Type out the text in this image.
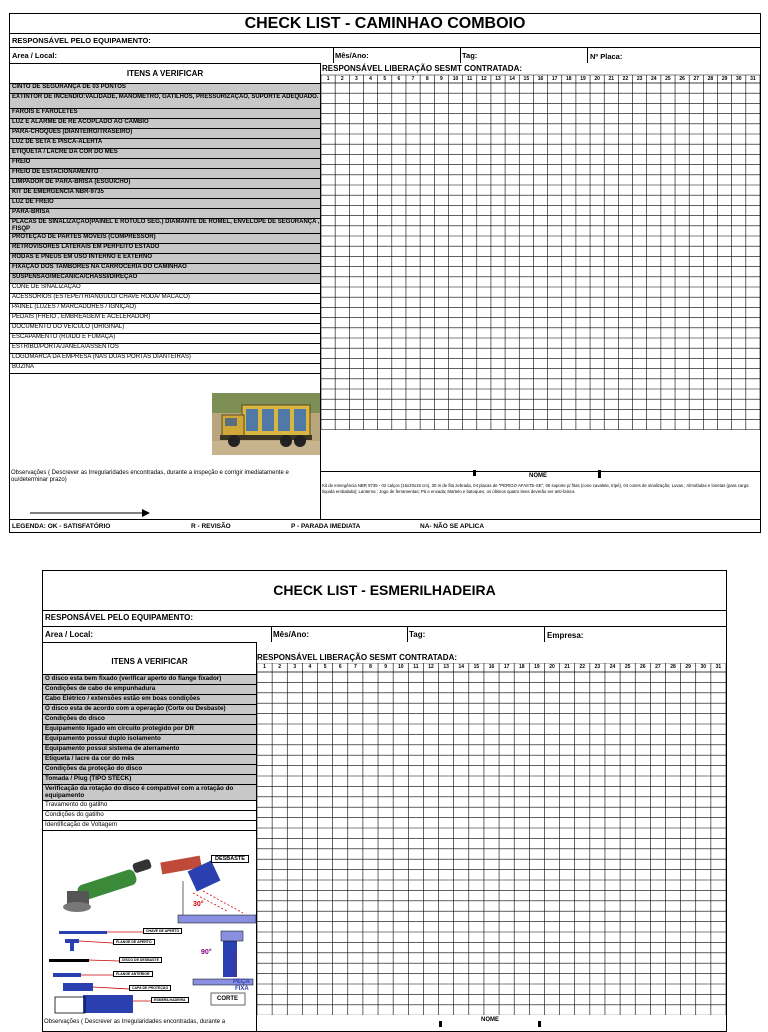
CHECK LIST - CAMINHAO COMBOIO
RESPONSÁVEL PELO EQUIPAMENTO:
Area / Local:	Mês/Ano:	Tag:	Nº Placa:
ITENS A VERIFICAR
RESPONSÁVEL LIBERAÇÃO SESMT CONTRATADA:
CINTO DE SEGURANÇA DE 03 PONTOS
EXTINTOR DE INCÊNDIO:VALIDADE, MANÔMETRO, GATILHOS, PRESSURIZAÇÃO, SUPORTE ADEQUADO.
FARÓIS E FAROLETES
LUZ E ALARME DE RÉ ACOPLADO AO CAMBIO
PARA-CHOQUES (DIANTEIRO/TRASEIRO)
LUZ DE SETA E PISCA-ALERTA
ETIQUETA / LACRE DA COR DO MÊS
FREIO
FREIO DE ESTACIONAMENTO
LIMPADOR DE PÁRA-BRISA (ESGUICHO)
KIT DE EMERGENCIA NBR-9735
LUZ DE FREIO
PÁRA-BRISA
PLACAS DE SINALIZAÇÃO(PAINEL E ROTULO SEG.) DIAMANTE DE ROMEL, ENVELOPE DE SEGURANÇA , FISQP
PROTEÇÃO DE PARTES MÓVEIS (COMPRESSOR)
RETROVISORES LATERAIS EM PERFEITO ESTADO
RODAS E PNEUS EM USO INTERNO E EXTERNO
FIXAÇÃO DOS TAMBORES NA CARROCERIA DO CAMINHÃO
SUSPENSÃO/MECÂNICA/CHASSI/DIREÇÃO
CONE DE SINALIZAÇÃO
ACESSÓRIOS (ESTEPE/TRIÂNGULO/ CHAVE RODA/ MACACO)
PAINEL (LUZES / MARCADORES / IGNIÇÃO)
PEDAIS (FREIO , EMBREAGEM E ACELERADOR)
DOCUMENTO DO VEÍCULO (ORIGINAL)
ESCAPAMENTO (RUÍDO E FUMAÇA)
ESTRIBO/PORTA/JANELA/ASSENTOS
LOGOMARCA DA EMPRESA (NAS DUAS PORTAS DIANTEIRAS)
BUZINA
1	2	3	4	5	6	7	8	9	10	11	12	13	14	15	16	17	18	19	20	21	22	23	24	25	26	27	28	29	30	31
NOME
Observações ( Descrever as Irregularidades encontradas, durante a inspeção e corrigir imediatamente e ou/determinar prazo)
Kit de emergência NBR 9735 - 02 calços (15x20x15 cm), 30 m de fita zebrada, 04 placas de "PERIGO AFASTE-SE", 06 suporte p/ fitas (cone cavalete, tripé), 04 cones de sinalização; Luvas ; Almofadas e lonetas (para carga líquida embalada); Lanterna ; Jogo de ferramentas; Pá e enxada; Martelo e batoques, os últimos quatro itens deverão ser anti-faísca
LEGENDA: OK - SATISFATÓRIO	R - REVISÃO	P - PARADA IMEDIATA	NA- NÃO SE APLICA
CHECK LIST - ESMERILHADEIRA
RESPONSÁVEL PELO EQUIPAMENTO:
Area / Local:	Mês/Ano:	Tag:	Empresa:
ITENS A VERIFICAR	RESPONSÁVEL LIBERAÇÃO SESMT CONTRATADA:
O disco esta bem fixado (verificar aperto do flange fixador)
Condições de cabo de empunhadura
Cabo Elétrico / extensões estão em boas condições
O disco esta de acordo com a operação (Corte ou Desbaste)
Condições do disco
Equipamento ligado em circuito protegido por DR
Equipamento possui duplo isolamento
Equipamento possui sistema de aterramento
Etiqueta / lacre da cor do mês
Condições da proteção do disco
Tomada / Plug (TIPO STECK)
Verificação da rotação do disco é compatível com a rotação do equipamento
Travamento do gatilho
Condições do gatilho
Identificação de Voltagem
1	2	3	4	5	6	7	8	9	10	11	12	13	14	15	16	17	18	19	20	21	22	23	24	25	26	27	28	29	30	31
DESBASTE
30°
CHAVE DE APERTO
FLANGE DE APERTO
DISCO DE DESBASTE
FLANGE ANTERIOR
CAPA DE PROTEÇÃO
ESMERILHADEIRA
90°
PEÇA
FIXA
CORTE
Observações ( Descrever as Irregularidades encontradas, durante a	NOME
